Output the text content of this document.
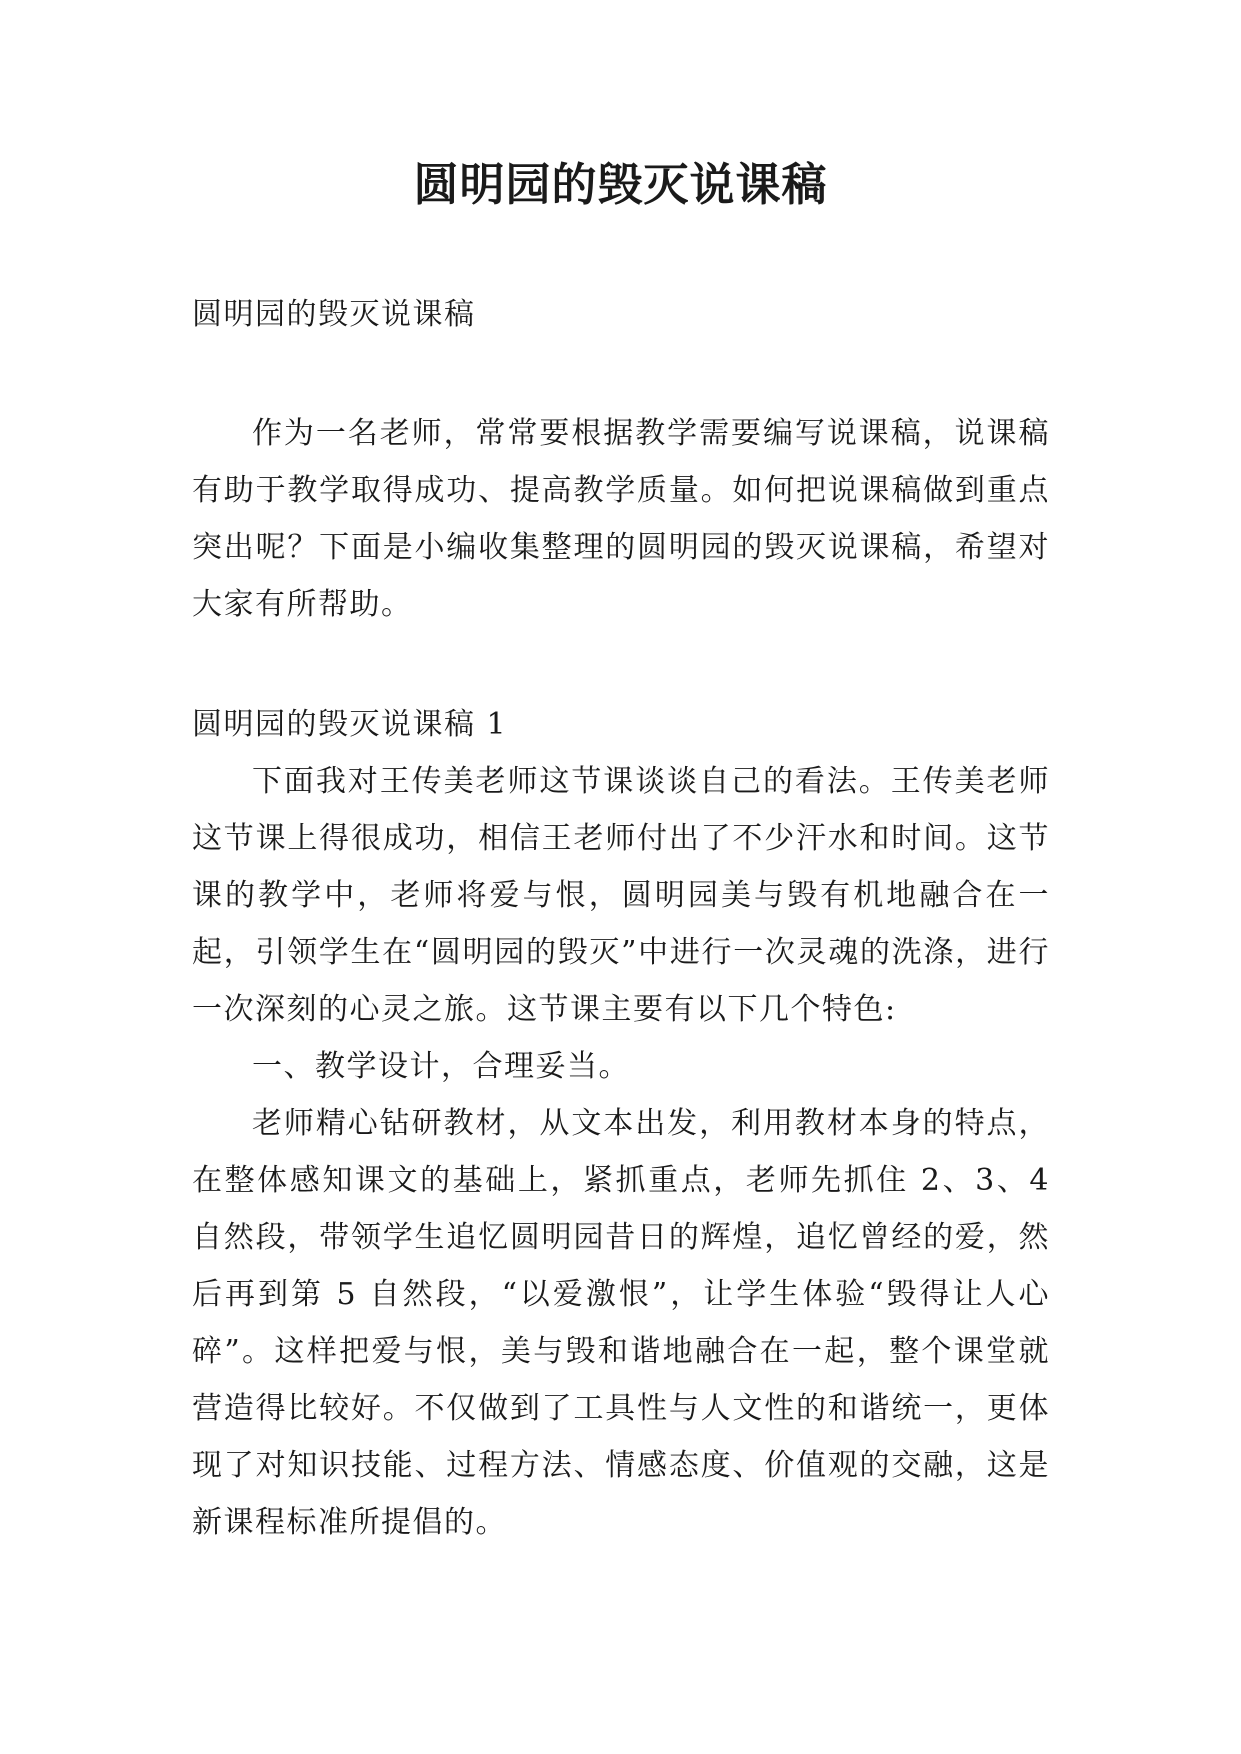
圆明园的毁灭说课稿
圆明园的毁灭说课稿

作为一名老师，常常要根据教学需要编写说课稿，说课稿有助于教学取得成功、提高教学质量。如何把说课稿做到重点突出呢？下面是小编收集整理的圆明园的毁灭说课稿，希望对大家有所帮助。

圆明园的毁灭说课稿 1

下面我对王传美老师这节课谈谈自己的看法。王传美老师这节课上得很成功，相信王老师付出了不少汗水和时间。这节课的教学中，老师将爱与恨，圆明园美与毁有机地融合在一起，引领学生在“圆明园的毁灭”中进行一次灵魂的洗涤，进行一次深刻的心灵之旅。这节课主要有以下几个特色:

一、教学设计，合理妥当。

老师精心钻研教材，从文本出发，利用教材本身的特点，在整体感知课文的基础上，紧抓重点，老师先抓住 2、3、4 自然段，带领学生追忆圆明园昔日的辉煌，追忆曾经的爱，然后再到第 5 自然段，“以爱激恨”，让学生体验“毁得让人心碎”。这样把爱与恨，美与毁和谐地融合在一起，整个课堂就营造得比较好。不仅做到了工具性与人文性的和谐统一，更体现了对知识技能、过程方法、情感态度、价值观的交融，这是新课程标准所提倡的。
